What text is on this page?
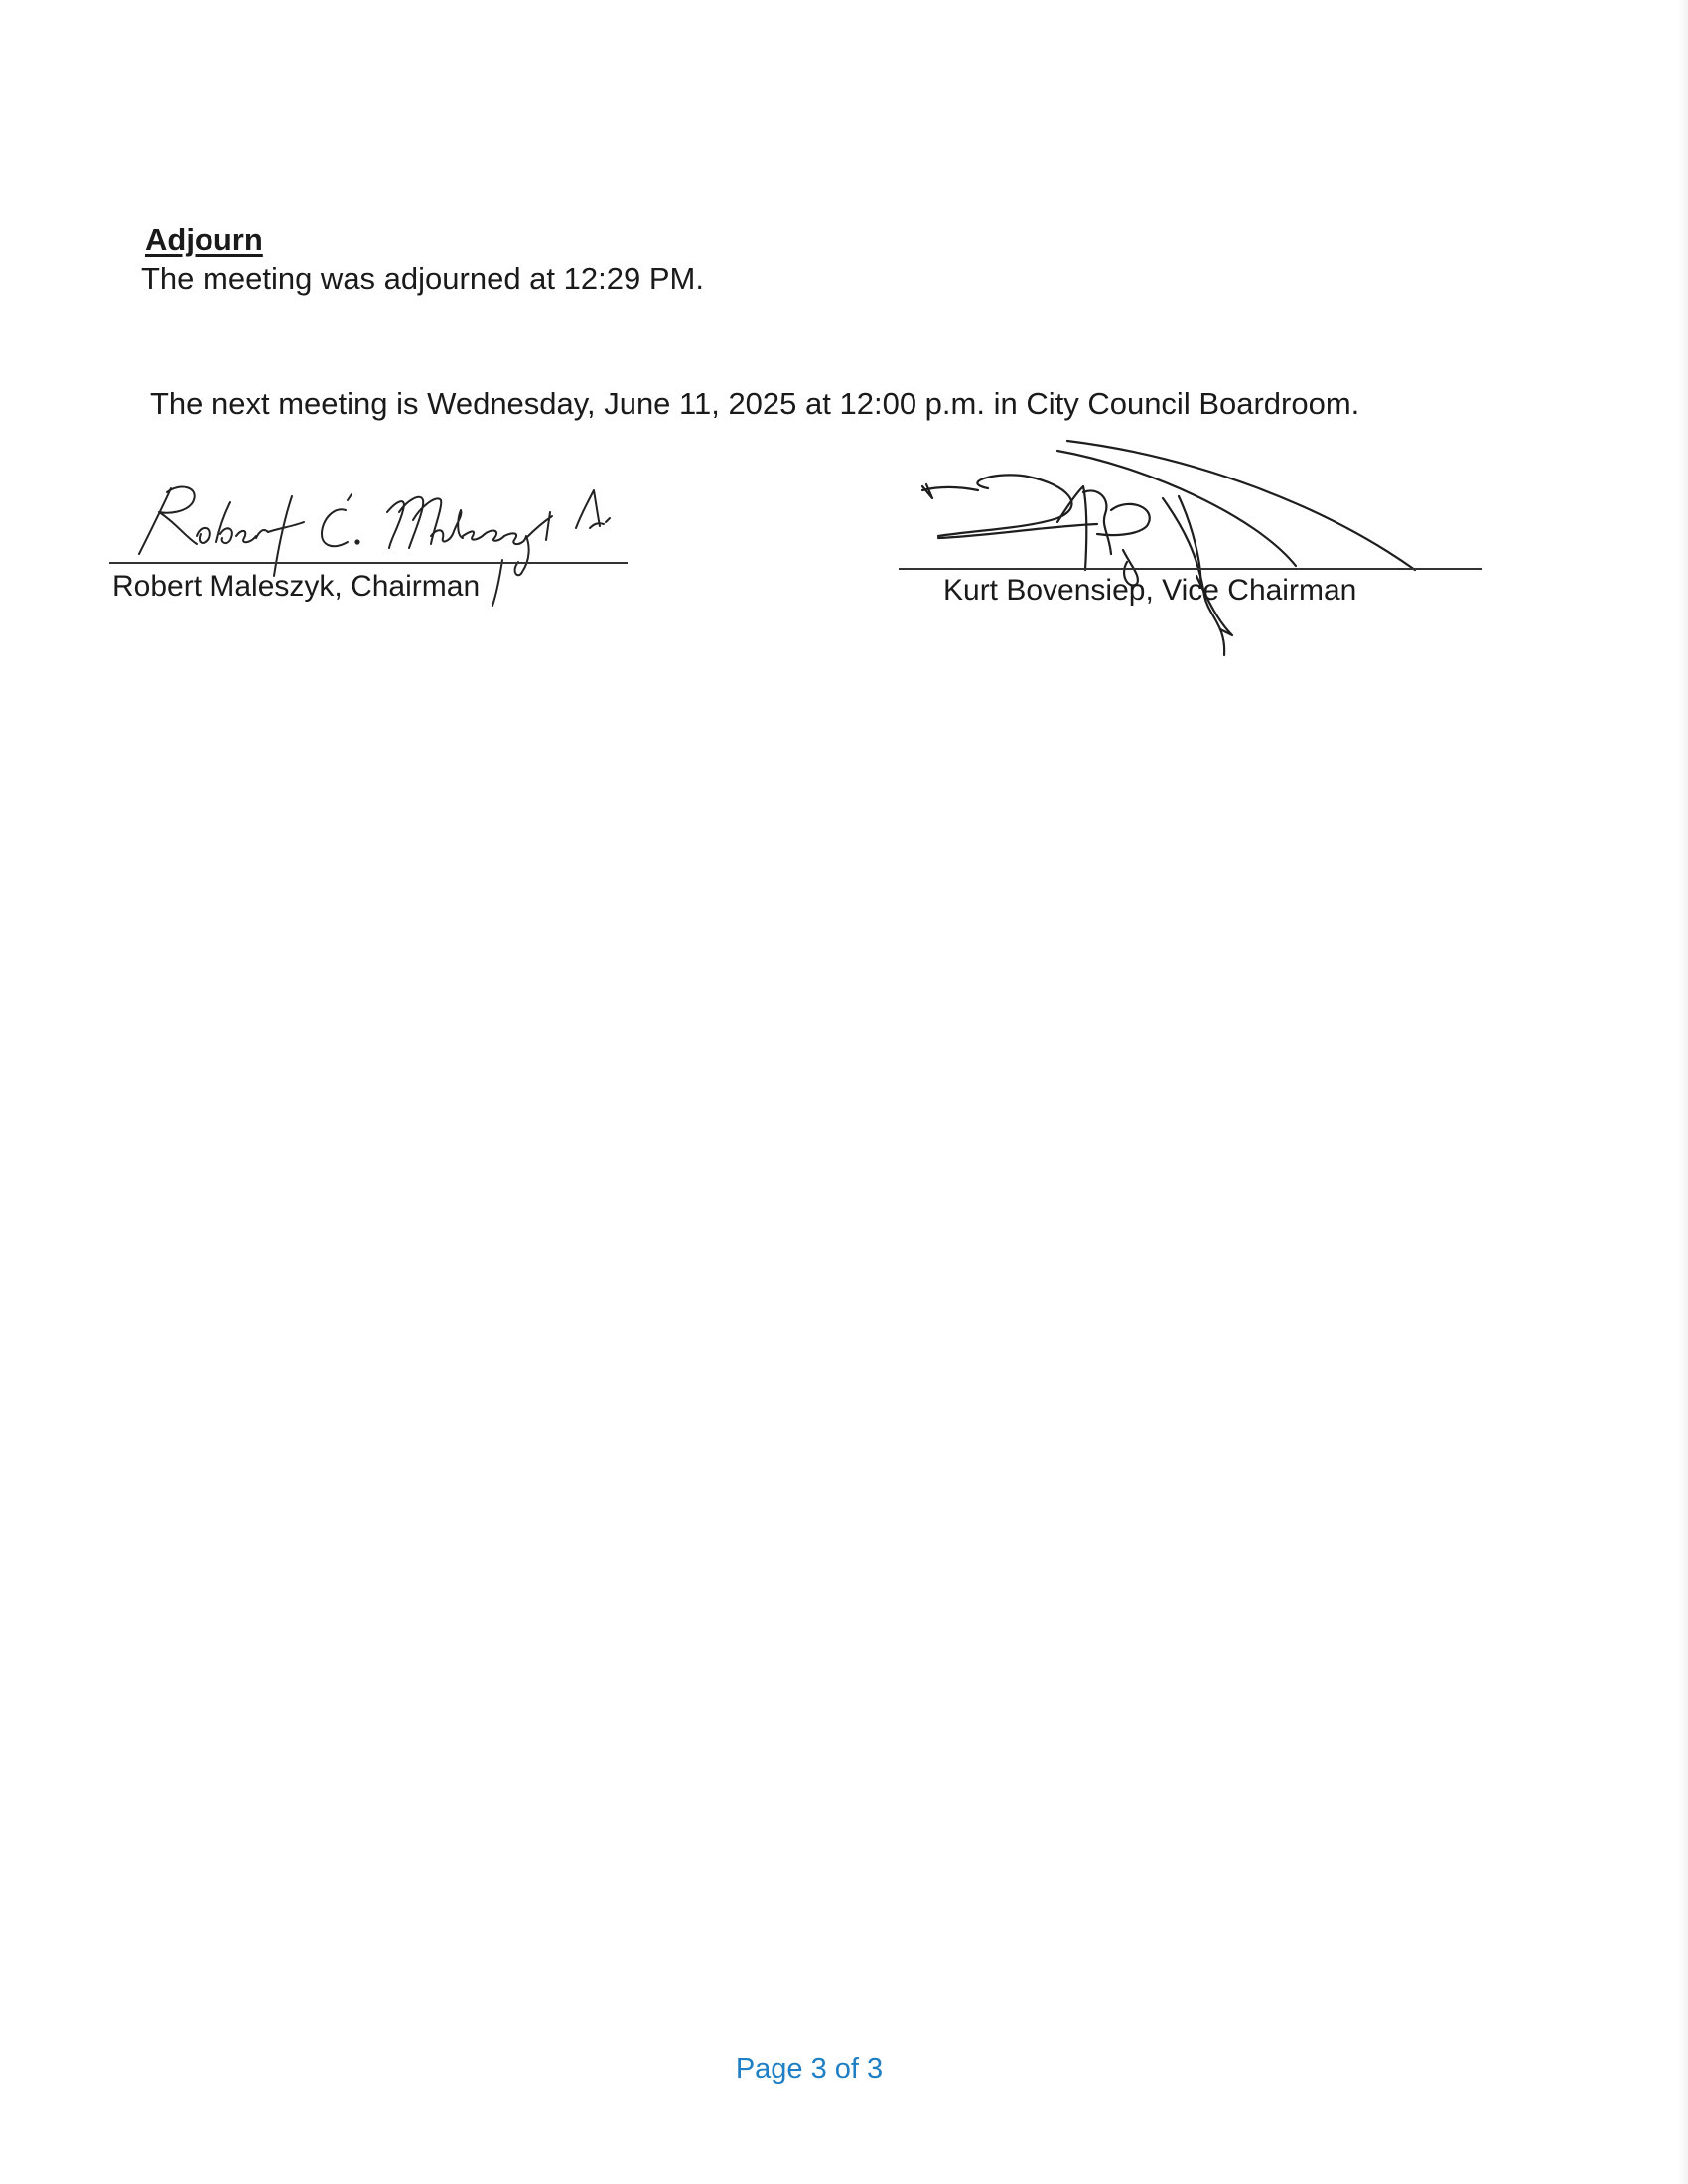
Adjourn

The meeting was adjourned at 12:29 PM.

The next meeting is Wednesday, June 11, 2025 at 12:00 p.m. in City Council Boardroom.

Robert Maleszyk, Chairman	Kurt Bovensiep, Vice Chairman

Page 3 of 3
